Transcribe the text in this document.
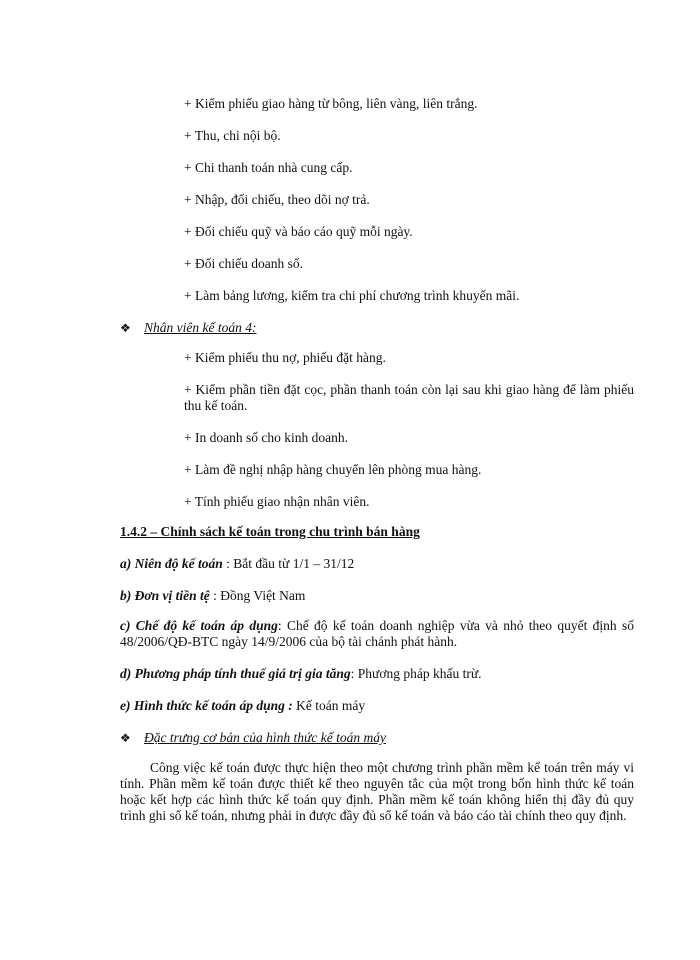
+ Kiểm phiếu giao hàng từ bông, liên vàng, liên trắng.
+ Thu, chi nội bộ.
+ Chi thanh toán nhà cung cấp.
+ Nhập, đối chiếu, theo dõi nợ trả.
+ Đối chiếu quỹ và báo cáo quỹ mỗi ngày.
+ Đối chiếu doanh số.
+ Làm bảng lương, kiểm tra chi phí chương trình khuyến mãi.
❖ Nhân viên kế toán 4:
+ Kiểm phiếu thu nợ, phiếu đặt hàng.
+ Kiểm phần tiền đặt cọc, phần thanh toán còn lại sau khi giao hàng để làm phiếu thu kế toán.
+ In doanh số cho kinh doanh.
+ Làm đề nghị nhập hàng chuyển lên phòng mua hàng.
+ Tính phiếu giao nhận nhân viên.
1.4.2 – Chính sách kế toán trong chu trình bán hàng
a) Niên độ kế toán : Bắt đầu từ 1/1 – 31/12
b) Đơn vị tiền tệ : Đồng Việt Nam
c) Chế độ kế toán áp dụng: Chế độ kế toán doanh nghiệp vừa và nhỏ theo quyết định số 48/2006/QĐ-BTC ngày 14/9/2006 của bộ tài chánh phát hành.
d) Phương pháp tính thuế giá trị gia tăng: Phương pháp khấu trừ.
e) Hình thức kế toán áp dụng : Kế toán máy
❖ Đặc trưng cơ bản của hình thức kế toán máy
Công việc kế toán được thực hiện theo một chương trình phần mềm kế toán trên máy vi tính. Phần mềm kế toán được thiết kế theo nguyên tắc của một trong bốn hình thức kế toán hoặc kết hợp các hình thức kế toán quy định. Phần mềm kế toán không hiển thị đầy đủ quy trình ghi sổ kế toán, nhưng phải in được đầy đủ sổ kế toán và báo cáo tài chính theo quy định.
